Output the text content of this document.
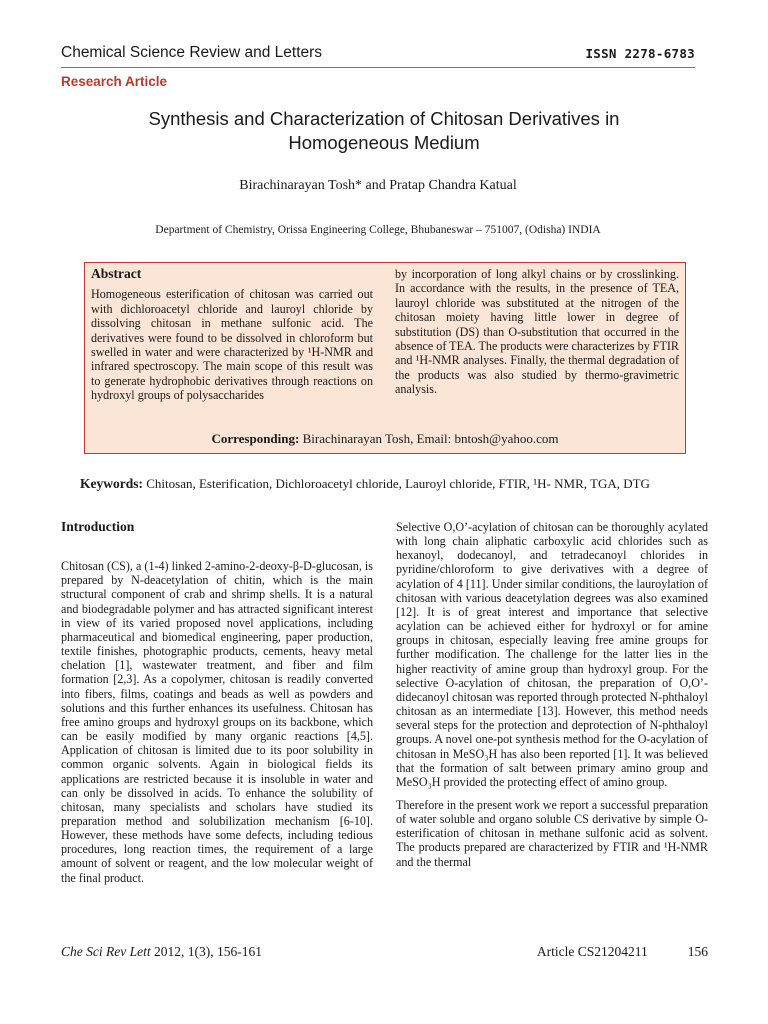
Chemical Science Review and Letters	ISSN 2278-6783
Research Article
Synthesis and Characterization of Chitosan Derivatives in Homogeneous Medium
Birachinarayan Tosh* and Pratap Chandra Katual
Department of Chemistry, Orissa Engineering College, Bhubaneswar – 751007, (Odisha) INDIA
Abstract
Homogeneous esterification of chitosan was carried out with dichloroacetyl chloride and lauroyl chloride by dissolving chitosan in methane sulfonic acid. The derivatives were found to be dissolved in chloroform but swelled in water and were characterized by ¹H-NMR and infrared spectroscopy. The main scope of this result was to generate hydrophobic derivatives through reactions on hydroxyl groups of polysaccharides
by incorporation of long alkyl chains or by crosslinking. In accordance with the results, in the presence of TEA, lauroyl chloride was substituted at the nitrogen of the chitosan moiety having little lower in degree of substitution (DS) than O-substitution that occurred in the absence of TEA. The products were characterizes by FTIR and ¹H-NMR analyses. Finally, the thermal degradation of the products was also studied by thermo-gravimetric analysis.
Corresponding: Birachinarayan Tosh, Email: bntosh@yahoo.com
Keywords: Chitosan, Esterification, Dichloroacetyl chloride, Lauroyl chloride, FTIR, ¹H- NMR, TGA, DTG
Introduction
Chitosan (CS), a (1-4) linked 2-amino-2-deoxy-β-D-glucosan, is prepared by N-deacetylation of chitin, which is the main structural component of crab and shrimp shells. It is a natural and biodegradable polymer and has attracted significant interest in view of its varied proposed novel applications, including pharmaceutical and biomedical engineering, paper production, textile finishes, photographic products, cements, heavy metal chelation [1], wastewater treatment, and fiber and film formation [2,3]. As a copolymer, chitosan is readily converted into fibers, films, coatings and beads as well as powders and solutions and this further enhances its usefulness. Chitosan has free amino groups and hydroxyl groups on its backbone, which can be easily modified by many organic reactions [4,5]. Application of chitosan is limited due to its poor solubility in common organic solvents. Again in biological fields its applications are restricted because it is insoluble in water and can only be dissolved in acids. To enhance the solubility of chitosan, many specialists and scholars have studied its preparation method and solubilization mechanism [6-10]. However, these methods have some defects, including tedious procedures, long reaction times, the requirement of a large amount of solvent or reagent, and the low molecular weight of the final product.
Selective O,O’-acylation of chitosan can be thoroughly acylated with long chain aliphatic carboxylic acid chlorides such as hexanoyl, dodecanoyl, and tetradecanoyl chlorides in pyridine/chloroform to give derivatives with a degree of acylation of 4 [11]. Under similar conditions, the lauroylation of chitosan with various deacetylation degrees was also examined [12]. It is of great interest and importance that selective acylation can be achieved either for hydroxyl or for amine groups in chitosan, especially leaving free amine groups for further modification. The challenge for the latter lies in the higher reactivity of amine group than hydroxyl group. For the selective O-acylation of chitosan, the preparation of O,O’- didecanoyl chitosan was reported through protected N-phthaloyl chitosan as an intermediate [13]. However, this method needs several steps for the protection and deprotection of N-phthaloyl groups. A novel one-pot synthesis method for the O-acylation of chitosan in MeSO₃H has also been reported [1]. It was believed that the formation of salt between primary amino group and MeSO₃H provided the protecting effect of amino group.
Therefore in the present work we report a successful preparation of water soluble and organo soluble CS derivative by simple O-esterification of chitosan in methane sulfonic acid as solvent. The products prepared are characterized by FTIR and ¹H-NMR and the thermal
Che Sci Rev Lett 2012, 1(3), 156-161	Article CS21204211	156
